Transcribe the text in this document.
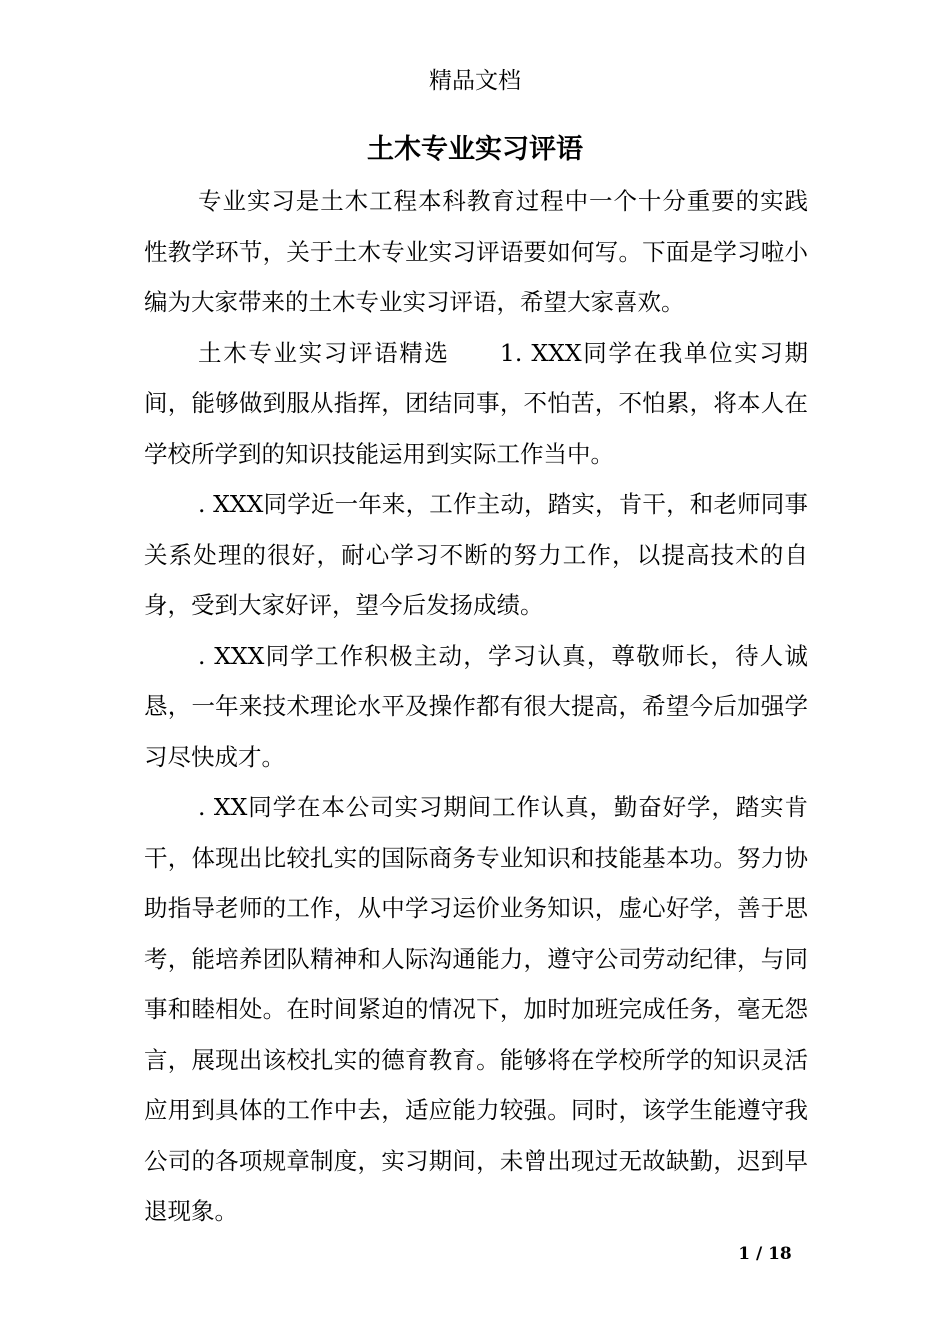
精品文档
土木专业实习评语

专业实习是土木工程本科教育过程中一个十分重要的实践性教学环节，关于土木专业实习评语要如何写。下面是学习啦小编为大家带来的土木专业实习评语，希望大家喜欢。

土木专业实习评语精选　　1. XXX同学在我单位实习期间，能够做到服从指挥，团结同事，不怕苦，不怕累，将本人在学校所学到的知识技能运用到实际工作当中。

. XXX同学近一年来，工作主动，踏实，肯干，和老师同事关系处理的很好，耐心学习不断的努力工作，以提高技术的自身，受到大家好评，望今后发扬成绩。

. XXX同学工作积极主动，学习认真，尊敬师长，待人诚恳，一年来技术理论水平及操作都有很大提高，希望今后加强学习尽快成才。

. XX同学在本公司实习期间工作认真，勤奋好学，踏实肯干，体现出比较扎实的国际商务专业知识和技能基本功。努力协助指导老师的工作，从中学习运价业务知识，虚心好学，善于思考，能培养团队精神和人际沟通能力，遵守公司劳动纪律，与同事和睦相处。在时间紧迫的情况下，加时加班完成任务，毫无怨言，展现出该校扎实的德育教育。能够将在学校所学的知识灵活应用到具体的工作中去，适应能力较强。同时，该学生能遵守我公司的各项规章制度，实习期间，未曾出现过无故缺勤，迟到早退现象。

1 / 18
